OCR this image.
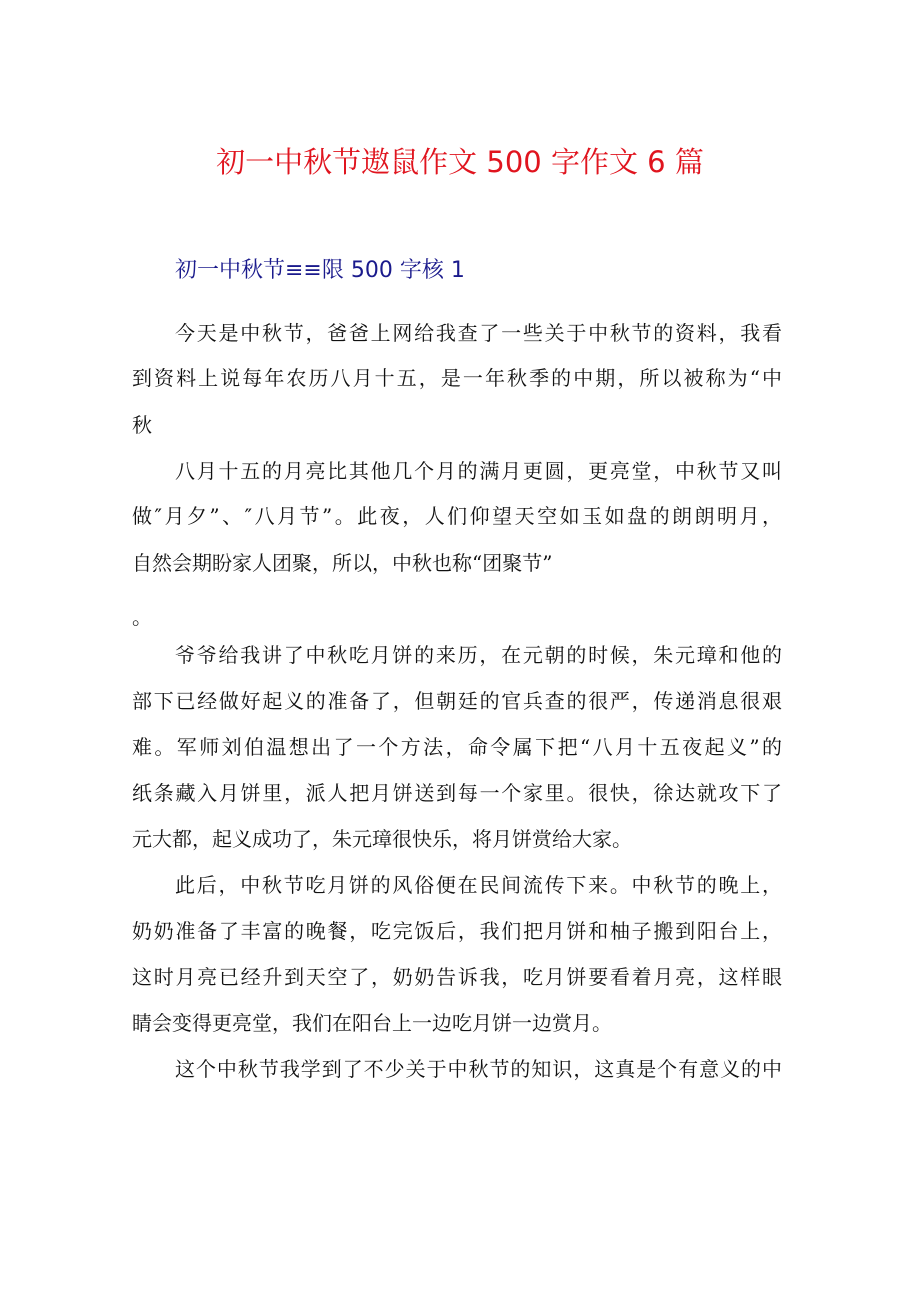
初一中秋节遨鼠作文 500 字作文 6 篇
初一中秋节≡≡限 500 字核 1
今天是中秋节，爸爸上网给我查了一些关于中秋节的资料，我看
到资料上说每年农历八月十五，是一年秋季的中期，所以被称为“中
秋
八月十五的月亮比其他几个月的满月更圆，更亮堂，中秋节又叫
做″月夕”、″八月节”。此夜，人们仰望天空如玉如盘的朗朗明月，
自然会期盼家人团聚，所以，中秋也称“团聚节”
。
爷爷给我讲了中秋吃月饼的来历，在元朝的时候，朱元璋和他的
部下已经做好起义的准备了，但朝廷的官兵查的很严，传递消息很艰
难。军师刘伯温想出了一个方法，命令属下把“八月十五夜起义”的
纸条藏入月饼里，派人把月饼送到每一个家里。很快，徐达就攻下了
元大都，起义成功了，朱元璋很快乐，将月饼赏给大家。
此后，中秋节吃月饼的风俗便在民间流传下来。中秋节的晚上，
奶奶准备了丰富的晚餐，吃完饭后，我们把月饼和柚子搬到阳台上，
这时月亮已经升到天空了，奶奶告诉我，吃月饼要看着月亮，这样眼
睛会变得更亮堂，我们在阳台上一边吃月饼一边赏月。
这个中秋节我学到了不少关于中秋节的知识，这真是个有意义的中
